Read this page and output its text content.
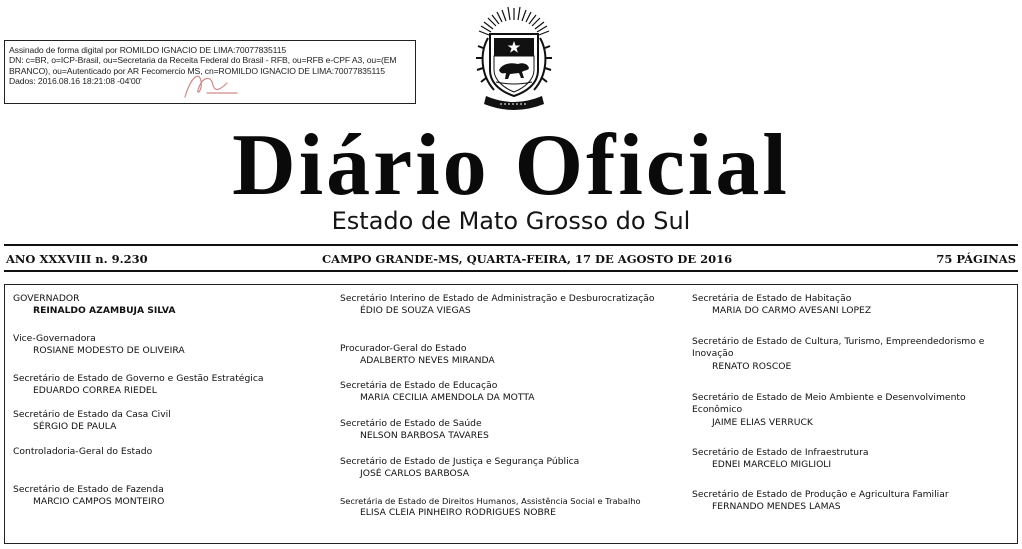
Assinado de forma digital por ROMILDO IGNACIO DE LIMA:70077835115
DN: c=BR, o=ICP-Brasil, ou=Secretaria da Receita Federal do Brasil - RFB, ou=RFB e-CPF A3, ou=(EM
BRANCO), ou=Autenticado por AR Fecomercio MS, cn=ROMILDO IGNACIO DE LIMA:70077835115
Dados: 2016.08.16 18:21:08 -04'00'
Diário Oficial
Estado de Mato Grosso do Sul
ANO XXXVIII n. 9.230	CAMPO GRANDE-MS, QUARTA-FEIRA, 17 DE AGOSTO DE 2016	75 PÁGINAS
GOVERNADOR
REINALDO AZAMBUJA SILVA
Vice-Governadora
ROSIANE MODESTO DE OLIVEIRA
Secretário de Estado de Governo e Gestão Estratégica
EDUARDO CORREA RIEDEL
Secretário de Estado da Casa Civil
SÉRGIO DE PAULA
Controladoria-Geral do Estado
Secretário de Estado de Fazenda
MARCIO CAMPOS MONTEIRO
Secretário Interino de Estado de Administração e Desburocratização
ÉDIO DE SOUZA VIEGAS
Procurador-Geral do Estado
ADALBERTO NEVES MIRANDA
Secretária de Estado de Educação
MARIA CECILIA AMENDOLA DA MOTTA
Secretário de Estado de Saúde
NELSON BARBOSA TAVARES
Secretário de Estado de Justiça e Segurança Pública
JOSÉ CARLOS BARBOSA
Secretária de Estado de Direitos Humanos, Assistência Social e Trabalho
ELISA CLEIA PINHEIRO RODRIGUES NOBRE
Secretária de Estado de Habitação
MARIA DO CARMO AVESANI LOPEZ
Secretário de Estado de Cultura, Turismo, Empreendedorismo e Inovação
RENATO ROSCOE
Secretário de Estado de Meio Ambiente e Desenvolvimento Econômico
JAIME ELIAS VERRUCK
Secretário de Estado de Infraestrutura
EDNEI MARCELO MIGLIOLI
Secretário de Estado de Produção e Agricultura Familiar
FERNANDO MENDES LAMAS
